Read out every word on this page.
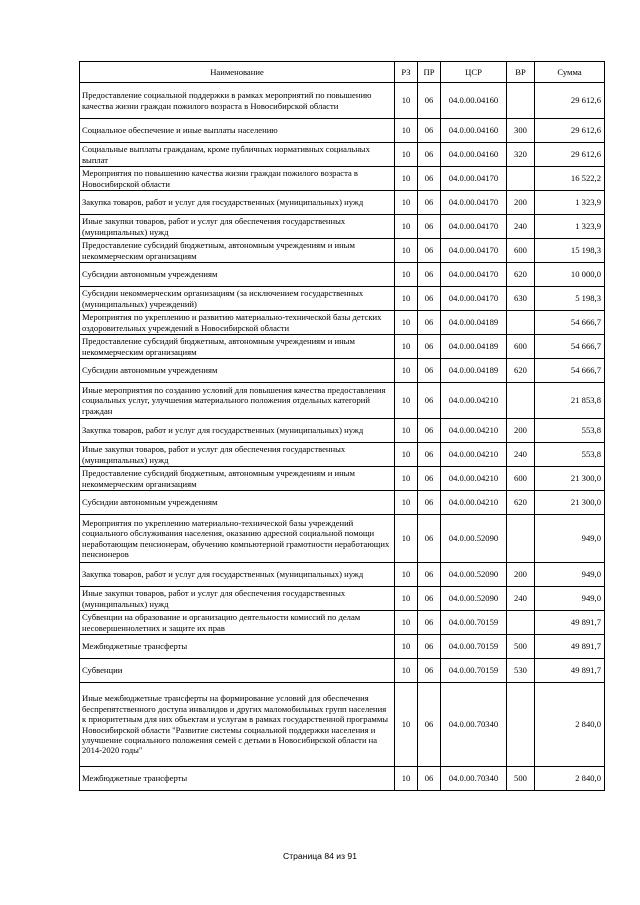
Наименование	РЗ	ПР	ЦСР	ВР	Сумма
Предоставление социальной поддержки в рамках мероприятий по повышению качества жизни граждан пожилого возраста в Новосибирской области	10	06	04.0.00.04160		29 612,6
Социальное обеспечение и иные выплаты населению	10	06	04.0.00.04160	300	29 612,6
Социальные выплаты гражданам, кроме публичных нормативных социальных выплат	10	06	04.0.00.04160	320	29 612,6
Мероприятия по повышению качества жизни граждан пожилого возраста в Новосибирской области	10	06	04.0.00.04170		16 522,2
Закупка товаров, работ и услуг для государственных (муниципальных) нужд	10	06	04.0.00.04170	200	1 323,9
Иные закупки товаров, работ и услуг для обеспечения государственных (муниципальных) нужд	10	06	04.0.00.04170	240	1 323,9
Предоставление субсидий бюджетным, автономным учреждениям и иным некоммерческим организациям	10	06	04.0.00.04170	600	15 198,3
Субсидии автономным учреждениям	10	06	04.0.00.04170	620	10 000,0
Субсидии некоммерческим организациям (за исключением государственных (муниципальных) учреждений)	10	06	04.0.00.04170	630	5 198,3
Мероприятия по укреплению и развитию материально-технической базы детских оздоровительных учреждений в Новосибирской области	10	06	04.0.00.04189		54 666,7
Предоставление субсидий бюджетным, автономным учреждениям и иным некоммерческим организациям	10	06	04.0.00.04189	600	54 666,7
Субсидии автономным учреждениям	10	06	04.0.00.04189	620	54 666,7
Иные мероприятия по созданию условий для повышения качества предоставления социальных услуг, улучшения материального положения отдельных категорий граждан	10	06	04.0.00.04210		21 853,8
Закупка товаров, работ и услуг для государственных (муниципальных) нужд	10	06	04.0.00.04210	200	553,8
Иные закупки товаров, работ и услуг для обеспечения государственных (муниципальных) нужд	10	06	04.0.00.04210	240	553,8
Предоставление субсидий бюджетным, автономным учреждениям и иным некоммерческим организациям	10	06	04.0.00.04210	600	21 300,0
Субсидии автономным учреждениям	10	06	04.0.00.04210	620	21 300,0
Мероприятия по укреплению материально-технической базы учреждений социального обслуживания населения, оказанию адресной социальной помощи неработающим пенсионерам, обучению компьютерной грамотности неработающих пенсионеров	10	06	04.0.00.52090		949,0
Закупка товаров, работ и услуг для государственных (муниципальных) нужд	10	06	04.0.00.52090	200	949,0
Иные закупки товаров, работ и услуг для обеспечения государственных (муниципальных) нужд	10	06	04.0.00.52090	240	949,0
Субвенции на образование и организацию деятельности комиссий по делам несовершеннолетних и защите их прав	10	06	04.0.00.70159		49 891,7
Межбюджетные трансферты	10	06	04.0.00.70159	500	49 891,7
Субвенции	10	06	04.0.00.70159	530	49 891,7
Иные межбюджетные трансферты на формирование условий для обеспечения беспрепятственного доступа инвалидов и других маломобильных групп населения к приоритетным для них объектам и услугам в рамках государственной программы Новосибирской области "Развитие системы социальной поддержки населения и улучшение социального положения семей с детьми в Новосибирской области на 2014-2020 годы"	10	06	04.0.00.70340		2 840,0
Межбюджетные трансферты	10	06	04.0.00.70340	500	2 840,0
Страница 84 из 91
